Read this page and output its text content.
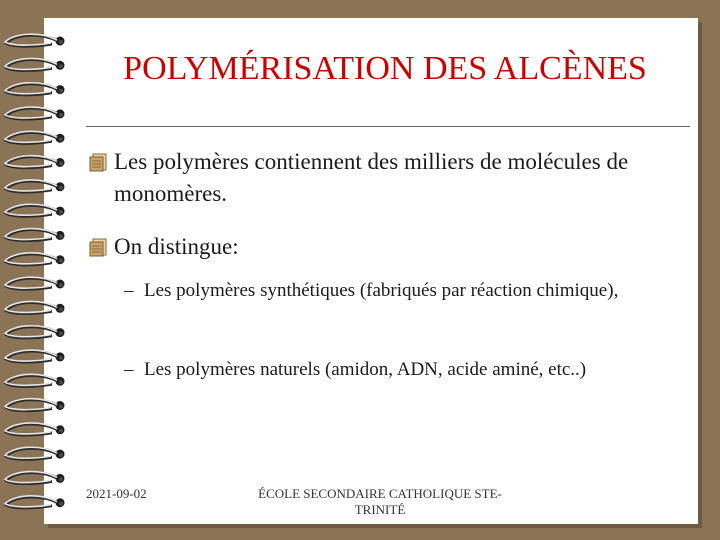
POLYMÉRISATION DES ALCÈNES
Les polymères contiennent des milliers de molécules de monomères.
On distingue:
– Les polymères synthétiques (fabriqués par réaction chimique),
– Les polymères naturels (amidon, ADN, acide aminé, etc..)
2021-09-02	ÉCOLE SECONDAIRE CATHOLIQUE STE-TRINITÉ
